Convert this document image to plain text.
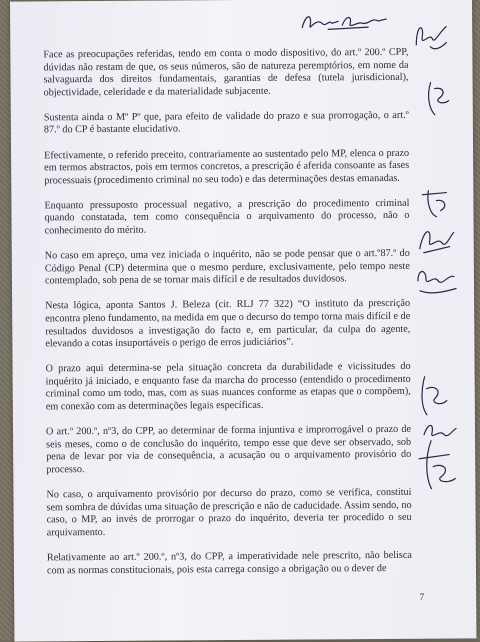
Face as preocupações referidas, tendo em conta o modo dispositivo, do art.º 200.º CPP, dúvidas não restam de que, os seus números, são de natureza peremptórios, em nome da salvaguarda dos direitos fundamentais, garantias de defesa (tutela jurisdicional), objectividade, celeridade e da materialidade subjacente.

Sustenta ainda o Mº Pº que, para efeito de validade do prazo e sua prorrogação, o art.º 87.º do CP é bastante elucidativo.

Efectivamente, o referido preceito, contrariamente ao sustentado pelo MP, elenca o prazo em termos abstractos, pois em termos concretos, a prescrição é aferida consoante as fases processuais (procedimento criminal no seu todo) e das determinações destas emanadas.

Enquanto pressuposto processual negativo, a prescrição do procedimento criminal quando constatada, tem como consequência o arquivamento do processo, não o conhecimento do mérito.

No caso em apreço, uma vez iniciada o inquérito, não se pode pensar que o art.º87.º do Código Penal (CP) determina que o mesmo perdure, exclusivamente, pelo tempo neste contemplado, sob pena de se tornar mais difícil e de resultados duvidosos.

Nesta lógica, aponta Santos J. Beleza (cit. RLJ 77 322) “O instituto da prescrição encontra pleno fundamento, na medida em que o decurso do tempo torna mais difícil e de resultados duvidosos a investigação do facto e, em particular, da culpa do agente, elevando a cotas insuportáveis o perigo de erros judiciários”.

O prazo aqui determina-se pela situação concreta da durabilidade e vicissitudes do inquérito já iniciado, e enquanto fase da marcha do processo (entendido o procedimento criminal como um todo, mas, com as suas nuances conforme as etapas que o compõem), em conexão com as determinações legais específicas.

O art.º 200.º, nº3, do CPP, ao determinar de forma injuntiva e improrrogável o prazo de seis meses, como o de conclusão do inquérito, tempo esse que deve ser observado, sob pena de levar por via de consequência, a acusação ou o arquivamento provisório do processo.

No caso, o arquivamento provisório por decurso do prazo, como se verifica, constitui sem sombra de dúvidas uma situação de prescrição e não de caducidade. Assim sendo, no caso, o MP, ao invés de prorrogar o prazo do inquérito, deveria ter procedido o seu arquivamento.

Relativamente ao art.º 200.º, nº3, do CPP, a imperatividade nele prescrito, não belisca com as normas constitucionais, pois esta carrega consigo a obrigação ou o dever de

7
